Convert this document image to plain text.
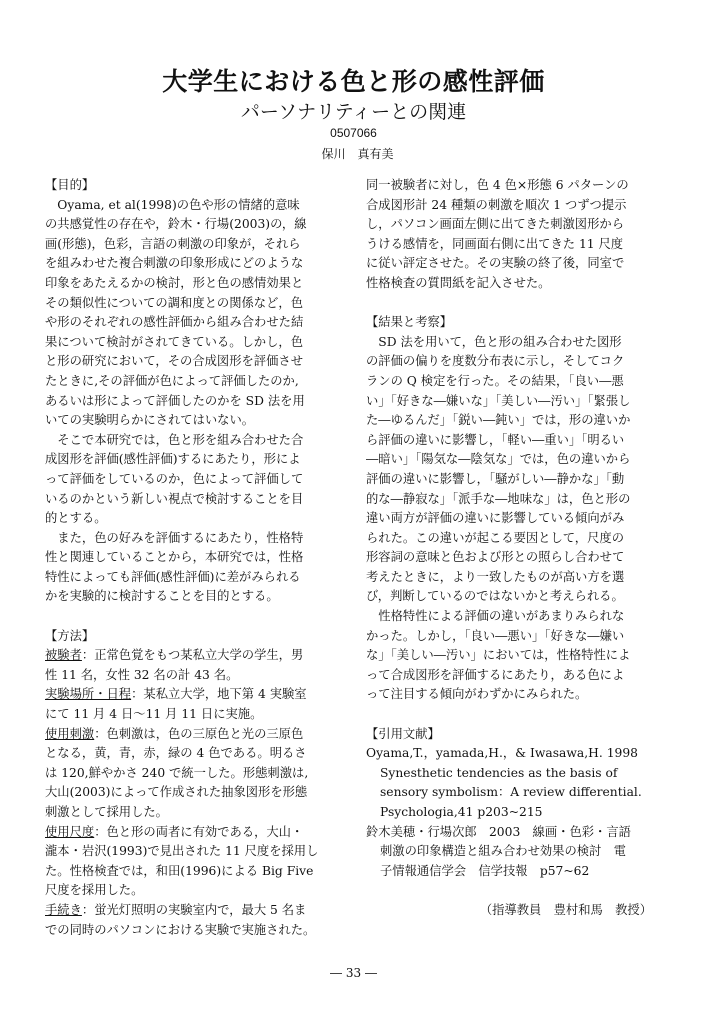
大学生における色と形の感性評価
パーソナリティーとの関連
0507066
保川　真有美
【目的】
　Oyama, et al(1998)の色や形の情緒的意味
の共感覚性の存在や，鈴木・行場(2003)の，線
画(形態)，色彩，言語の刺激の印象が，それら
を組みわせた複合刺激の印象形成にどのような
印象をあたえるかの検討，形と色の感情効果と
その類似性についての調和度との関係など，色
や形のそれぞれの感性評価から組み合わせた結
果について検討がされてきている。しかし，色
と形の研究において，その合成図形を評価させ
たときに,その評価が色によって評価したのか,
あるいは形によって評価したのかを SD 法を用
いての実験明らかにされてはいない。
　そこで本研究では，色と形を組み合わせた合
成図形を評価(感性評価)するにあたり，形によ
って評価をしているのか，色によって評価して
いるのかという新しい視点で検討することを目
的とする。
　また，色の好みを評価するにあたり，性格特
性と関連していることから，本研究では，性格
特性によっても評価(感性評価)に差がみられる
かを実験的に検討することを目的とする。
【方法】
被験者：正常色覚をもつ某私立大学の学生，男
性 11 名，女性 32 名の計 43 名。
実験場所・日程：某私立大学，地下第 4 実験室
にて 11 月 4 日～11 月 11 日に実施。
使用刺激：色刺激は，色の三原色と光の三原色
となる，黄，青，赤，緑の 4 色である。明るさ
は 120,鮮やかさ 240 で統一した。形態刺激は,
大山(2003)によって作成された抽象図形を形態
刺激として採用した。
使用尺度：色と形の両者に有効である，大山・
瀧本・岩沢(1993)で見出された 11 尺度を採用し
た。性格検査では，和田(1996)による Big Five
尺度を採用した。
手続き：蛍光灯照明の実験室内で，最大 5 名ま
での同時のパソコンにおける実験で実施された。
同一被験者に対し，色 4 色×形態 6 パターンの
合成図形計 24 種類の刺激を順次 1 つずつ提示
し，パソコン画面左側に出てきた刺激図形から
うける感情を，同画面右側に出てきた 11 尺度
に従い評定させた。その実験の終了後，同室で
性格検査の質問紙を記入させた。
【結果と考察】
　SD 法を用いて，色と形の組み合わせた図形
の評価の偏りを度数分布表に示し，そしてコク
ランの Q 検定を行った。その結果，「良い―悪
い」「好きな―嫌いな」「美しい―汚い」「緊張し
た―ゆるんだ」「鋭い―鈍い」では，形の違いか
ら評価の違いに影響し，「軽い―重い」「明るい
―暗い」「陽気な―陰気な」では，色の違いから
評価の違いに影響し，「騒がしい―静かな」「動
的な―静寂な」「派手な―地味な」は，色と形の
違い両方が評価の違いに影響している傾向がみ
られた。この違いが起こる要因として，尺度の
形容詞の意味と色および形との照らし合わせて
考えたときに，より一致したものが高い方を選
び，判断しているのではないかと考えられる。
　性格特性による評価の違いがあまりみられな
かった。しかし，「良い―悪い」「好きな―嫌い
な」「美しい―汚い」においては，性格特性によ
って合成図形を評価するにあたり，ある色によ
って注目する傾向がわずかにみられた。
【引用文献】
Oyama,T.，yamada,H.，& Iwasawa,H. 1998
Synesthetic tendencies as the basis of
sensory symbolism：A review differential.
Psychologia,41 p203~215
鈴木美穂・行場次郎　2003　線画・色彩・言語
刺激の印象構造と組み合わせ効果の検討　電
子情報通信学会　信学技報　p57~62
（指導教員　豊村和馬　教授）
― 33 ―
